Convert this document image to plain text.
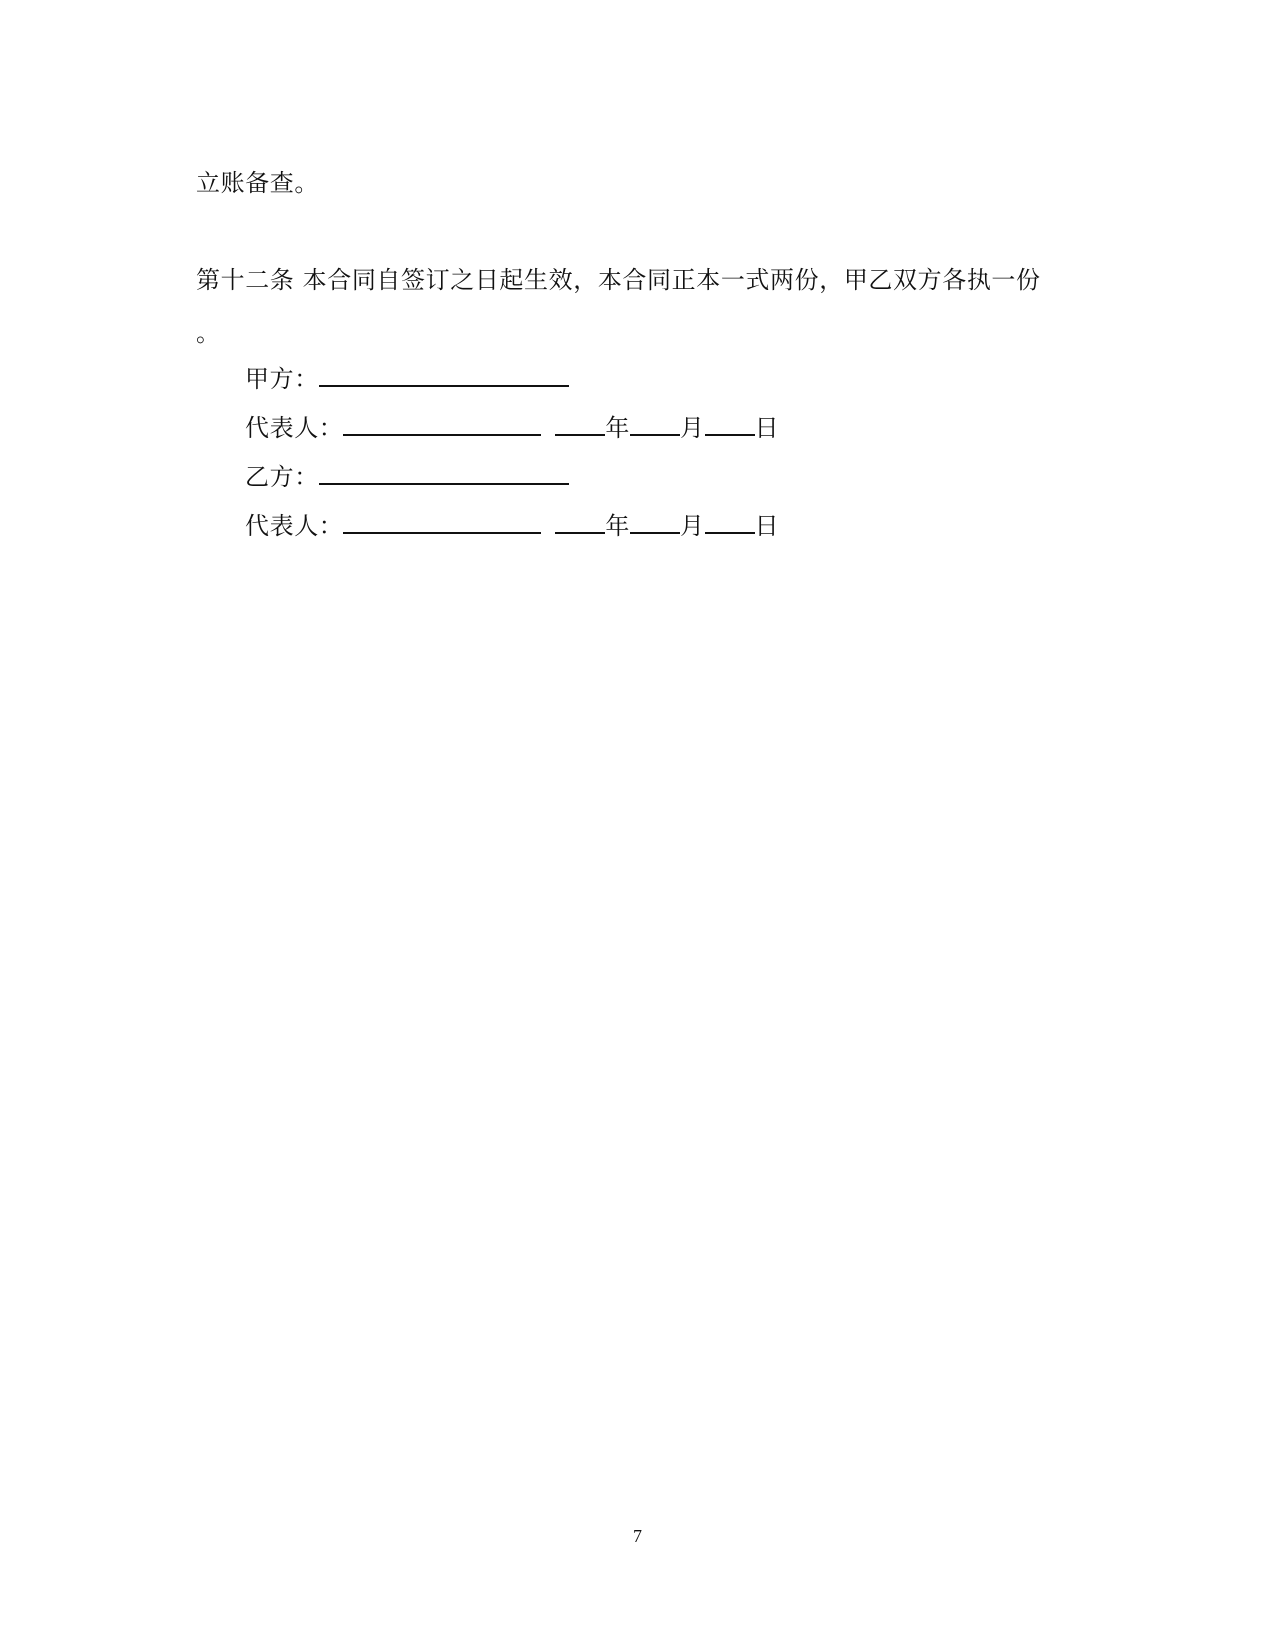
立账备查。
第十二条 本合同自签订之日起生效，本合同正本一式两份，甲乙双方各执一份
。
甲方：
代表人：	年 月 日
乙方：
代表人：	年 月 日
7
